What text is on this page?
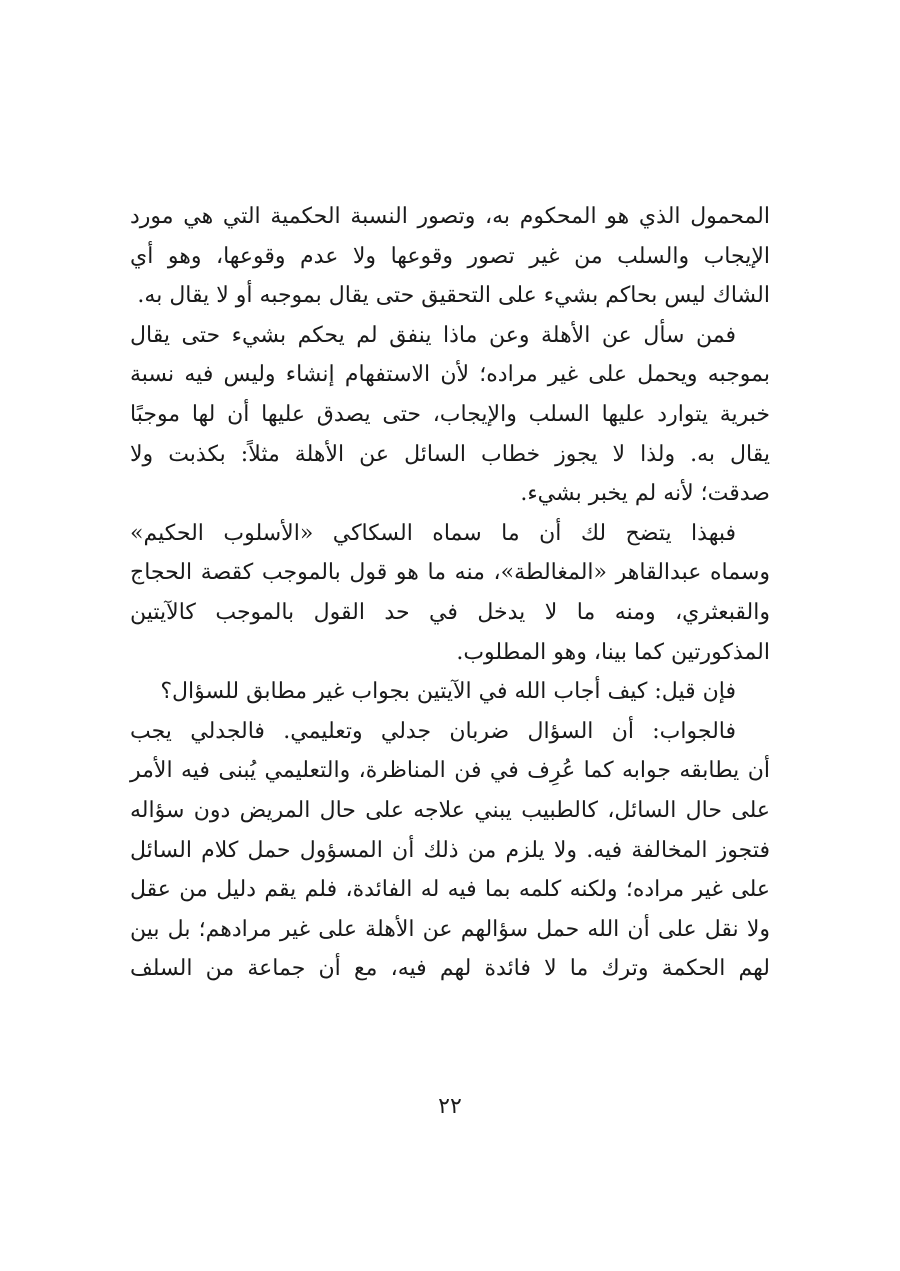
المحمول الذي هو المحكوم به، وتصور النسبة الحكمية التي هي مورد
الإيجاب والسلب من غير تصور وقوعها ولا عدم وقوعها، وهو أي
الشاك ليس بحاكم بشيء على التحقيق حتى يقال بموجبه أو لا يقال به.
فمن سأل عن الأهلة وعن ماذا ينفق لم يحكم بشيء حتى يقال
بموجبه ويحمل على غير مراده؛ لأن الاستفهام إنشاء وليس فيه نسبة
خبرية يتوارد عليها السلب والإيجاب، حتى يصدق عليها أن لها موجبًا
يقال به. ولذا لا يجوز خطاب السائل عن الأهلة مثلاً: بكذبت ولا
صدقت؛ لأنه لم يخبر بشيء.
فبهذا يتضح لك أن ما سماه السكاكي «الأسلوب الحكيم»
وسماه عبدالقاهر «المغالطة»، منه ما هو قول بالموجب كقصة الحجاج
والقبعثري، ومنه ما لا يدخل في حد القول بالموجب كالآيتين
المذكورتين كما بينا، وهو المطلوب.
فإن قيل: كيف أجاب الله في الآيتين بجواب غير مطابق للسؤال؟
فالجواب: أن السؤال ضربان جدلي وتعليمي. فالجدلي يجب
أن يطابقه جوابه كما عُرِف في فن المناظرة، والتعليمي يُبنى فيه الأمر
على حال السائل، كالطبيب يبني علاجه على حال المريض دون سؤاله
فتجوز المخالفة فيه. ولا يلزم من ذلك أن المسؤول حمل كلام السائل
على غير مراده؛ ولكنه كلمه بما فيه له الفائدة، فلم يقم دليل من عقل
ولا نقل على أن الله حمل سؤالهم عن الأهلة على غير مرادهم؛ بل بين
لهم الحكمة وترك ما لا فائدة لهم فيه، مع أن جماعة من السلف
٢٢
